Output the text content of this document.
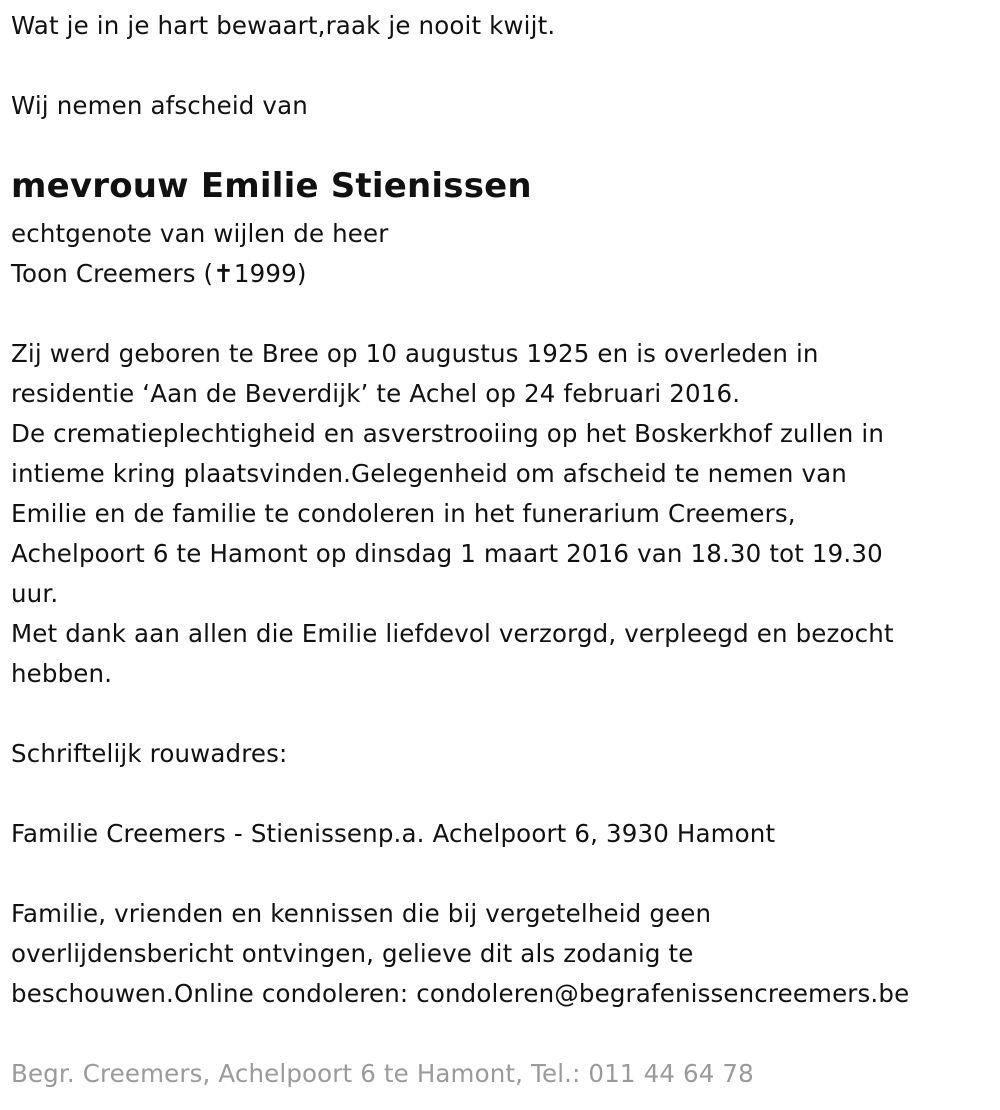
Wat je in je hart bewaart,raak je nooit kwijt.
Wij nemen afscheid van
mevrouw Emilie Stienissen
echtgenote van wijlen de heer
Toon Creemers (✝1999)
Zij werd geboren te Bree op 10 augustus 1925 en is overleden in
residentie ‘Aan de Beverdijk’ te Achel op 24 februari 2016.
De crematieplechtigheid en asverstrooiing op het Boskerkhof zullen in
intieme kring plaatsvinden.Gelegenheid om afscheid te nemen van
Emilie en de familie te condoleren in het funerarium Creemers,
Achelpoort 6 te Hamont op dinsdag 1 maart 2016 van 18.30 tot 19.30
uur.
Met dank aan allen die Emilie liefdevol verzorgd, verpleegd en bezocht
hebben.
Schriftelijk rouwadres:
Familie Creemers - Stienissenp.a. Achelpoort 6, 3930 Hamont
Familie, vrienden en kennissen die bij vergetelheid geen
overlijdensbericht ontvingen, gelieve dit als zodanig te
beschouwen.Online condoleren: condoleren@begrafenissencreemers.be
Begr. Creemers, Achelpoort 6 te Hamont, Tel.: 011 44 64 78
